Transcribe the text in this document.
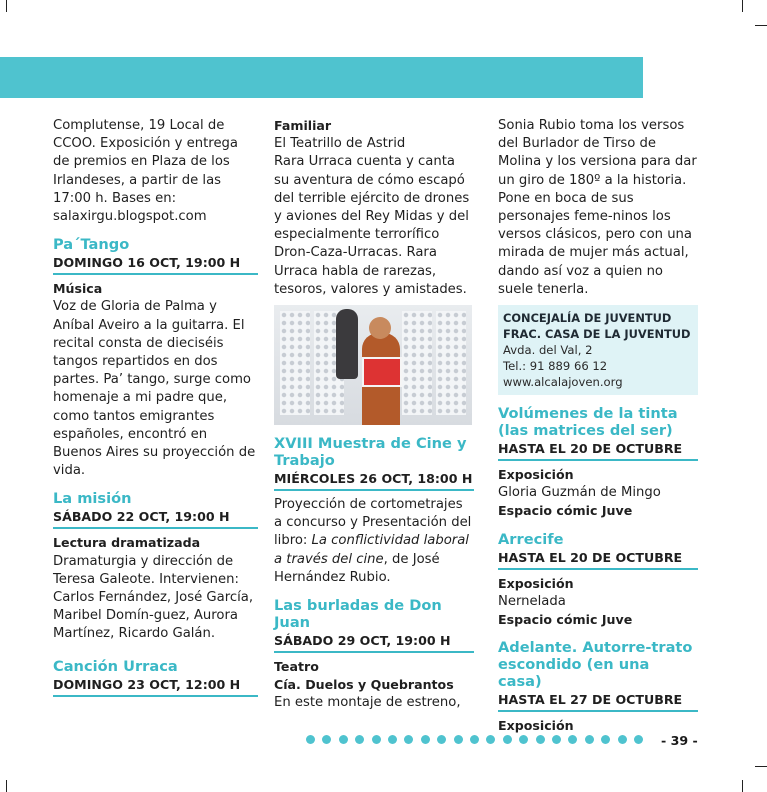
Complutense, 19 Local de CCOO. Exposición y entrega de premios en Plaza de los Irlandeses, a partir de las 17:00 h. Bases en: salaxirgu.blogspot.com

Pa´Tango
DOMINGO 16 OCT, 19:00 H

Música

Voz de Gloria de Palma y Aníbal Aveiro a la guitarra. El recital consta de dieciséis tangos repartidos en dos partes. Pa’ tango, surge como homenaje a mi padre que, como tantos emigrantes españoles, encontró en Buenos Aires su proyección de vida.

La misión
SÁBADO 22 OCT, 19:00 H

Lectura dramatizada

Dramaturgia y dirección de Teresa Galeote. Intervienen: Carlos Fernández, José García, Maribel Domín-guez, Aurora Martínez, Ricardo Galán.

Canción Urraca
DOMINGO 23 OCT, 12:00 H

Familiar

El Teatrillo de Astrid

Rara Urraca cuenta y canta su aventura de cómo escapó del terrible ejército de drones y aviones del Rey Midas y del especialmente terrorífico Dron-Caza-Urracas. Rara Urraca habla de rarezas, tesoros, valores y amistades.

XVIII Muestra de Cine y Trabajo
MIÉRCOLES 26 OCT, 18:00 H

Proyección de cortometrajes a concurso y Presentación del libro: La conflictividad laboral a través del cine, de José Hernández Rubio.

Las burladas de Don Juan
SÁBADO 29 OCT, 19:00 H

Teatro

Cía. Duelos y Quebrantos

En este montaje de estreno,

Sonia Rubio toma los versos del Burlador de Tirso de Molina y los versiona para dar un giro de 180º a la historia. Pone en boca de sus personajes feme-ninos los versos clásicos, pero con una mirada de mujer más actual, dando así voz a quien no suele tenerla.

CONCEJALÍA DE JUVENTUD
FRAC. CASA DE LA JUVENTUD
Avda. del Val, 2
Tel.: 91 889 66 12
www.alcalajoven.org
Volúmenes de la tinta (las matrices del ser)
HASTA EL 20 DE OCTUBRE

Exposición

Gloria Guzmán de Mingo

Espacio cómic Juve

Arrecife
HASTA EL 20 DE OCTUBRE

Exposición

Nernelada

Espacio cómic Juve

Adelante. Autorre-trato escondido (en una casa)
HASTA EL 27 DE OCTUBRE

Exposición

- 39 -
